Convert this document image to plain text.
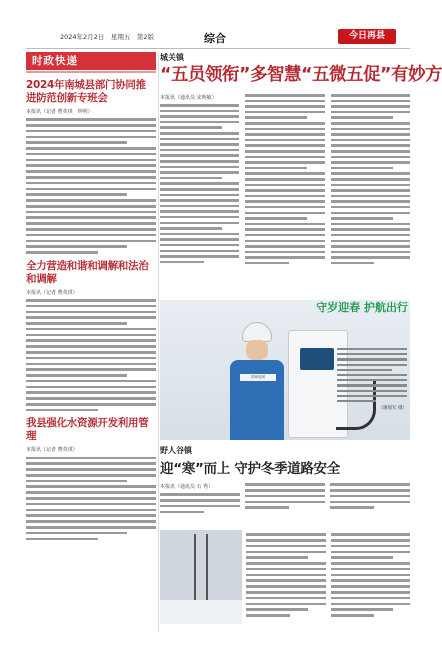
2024年2月2日　星期五　第2版	综合	今日再县
时政快递
2024年南城县部门协同推进防范创新专班会
本报讯（记者 曹英琪　钟明）
全力营造和谐和调解和法治和调解
本报讯（记者 曹英琪）
我县强化水资源开发利用管理
本报讯（记者 曹英琪）
城关镇
“五员领衔”多智慧“五微五促”有妙方
本报讯（通讯员 宋明敏）
国家电网
守岁迎春 护航出行
（谢锦军 摄）
野人谷镇
迎“寒”而上 守护冬季道路安全
本报讯（通讯员 石 秀）
